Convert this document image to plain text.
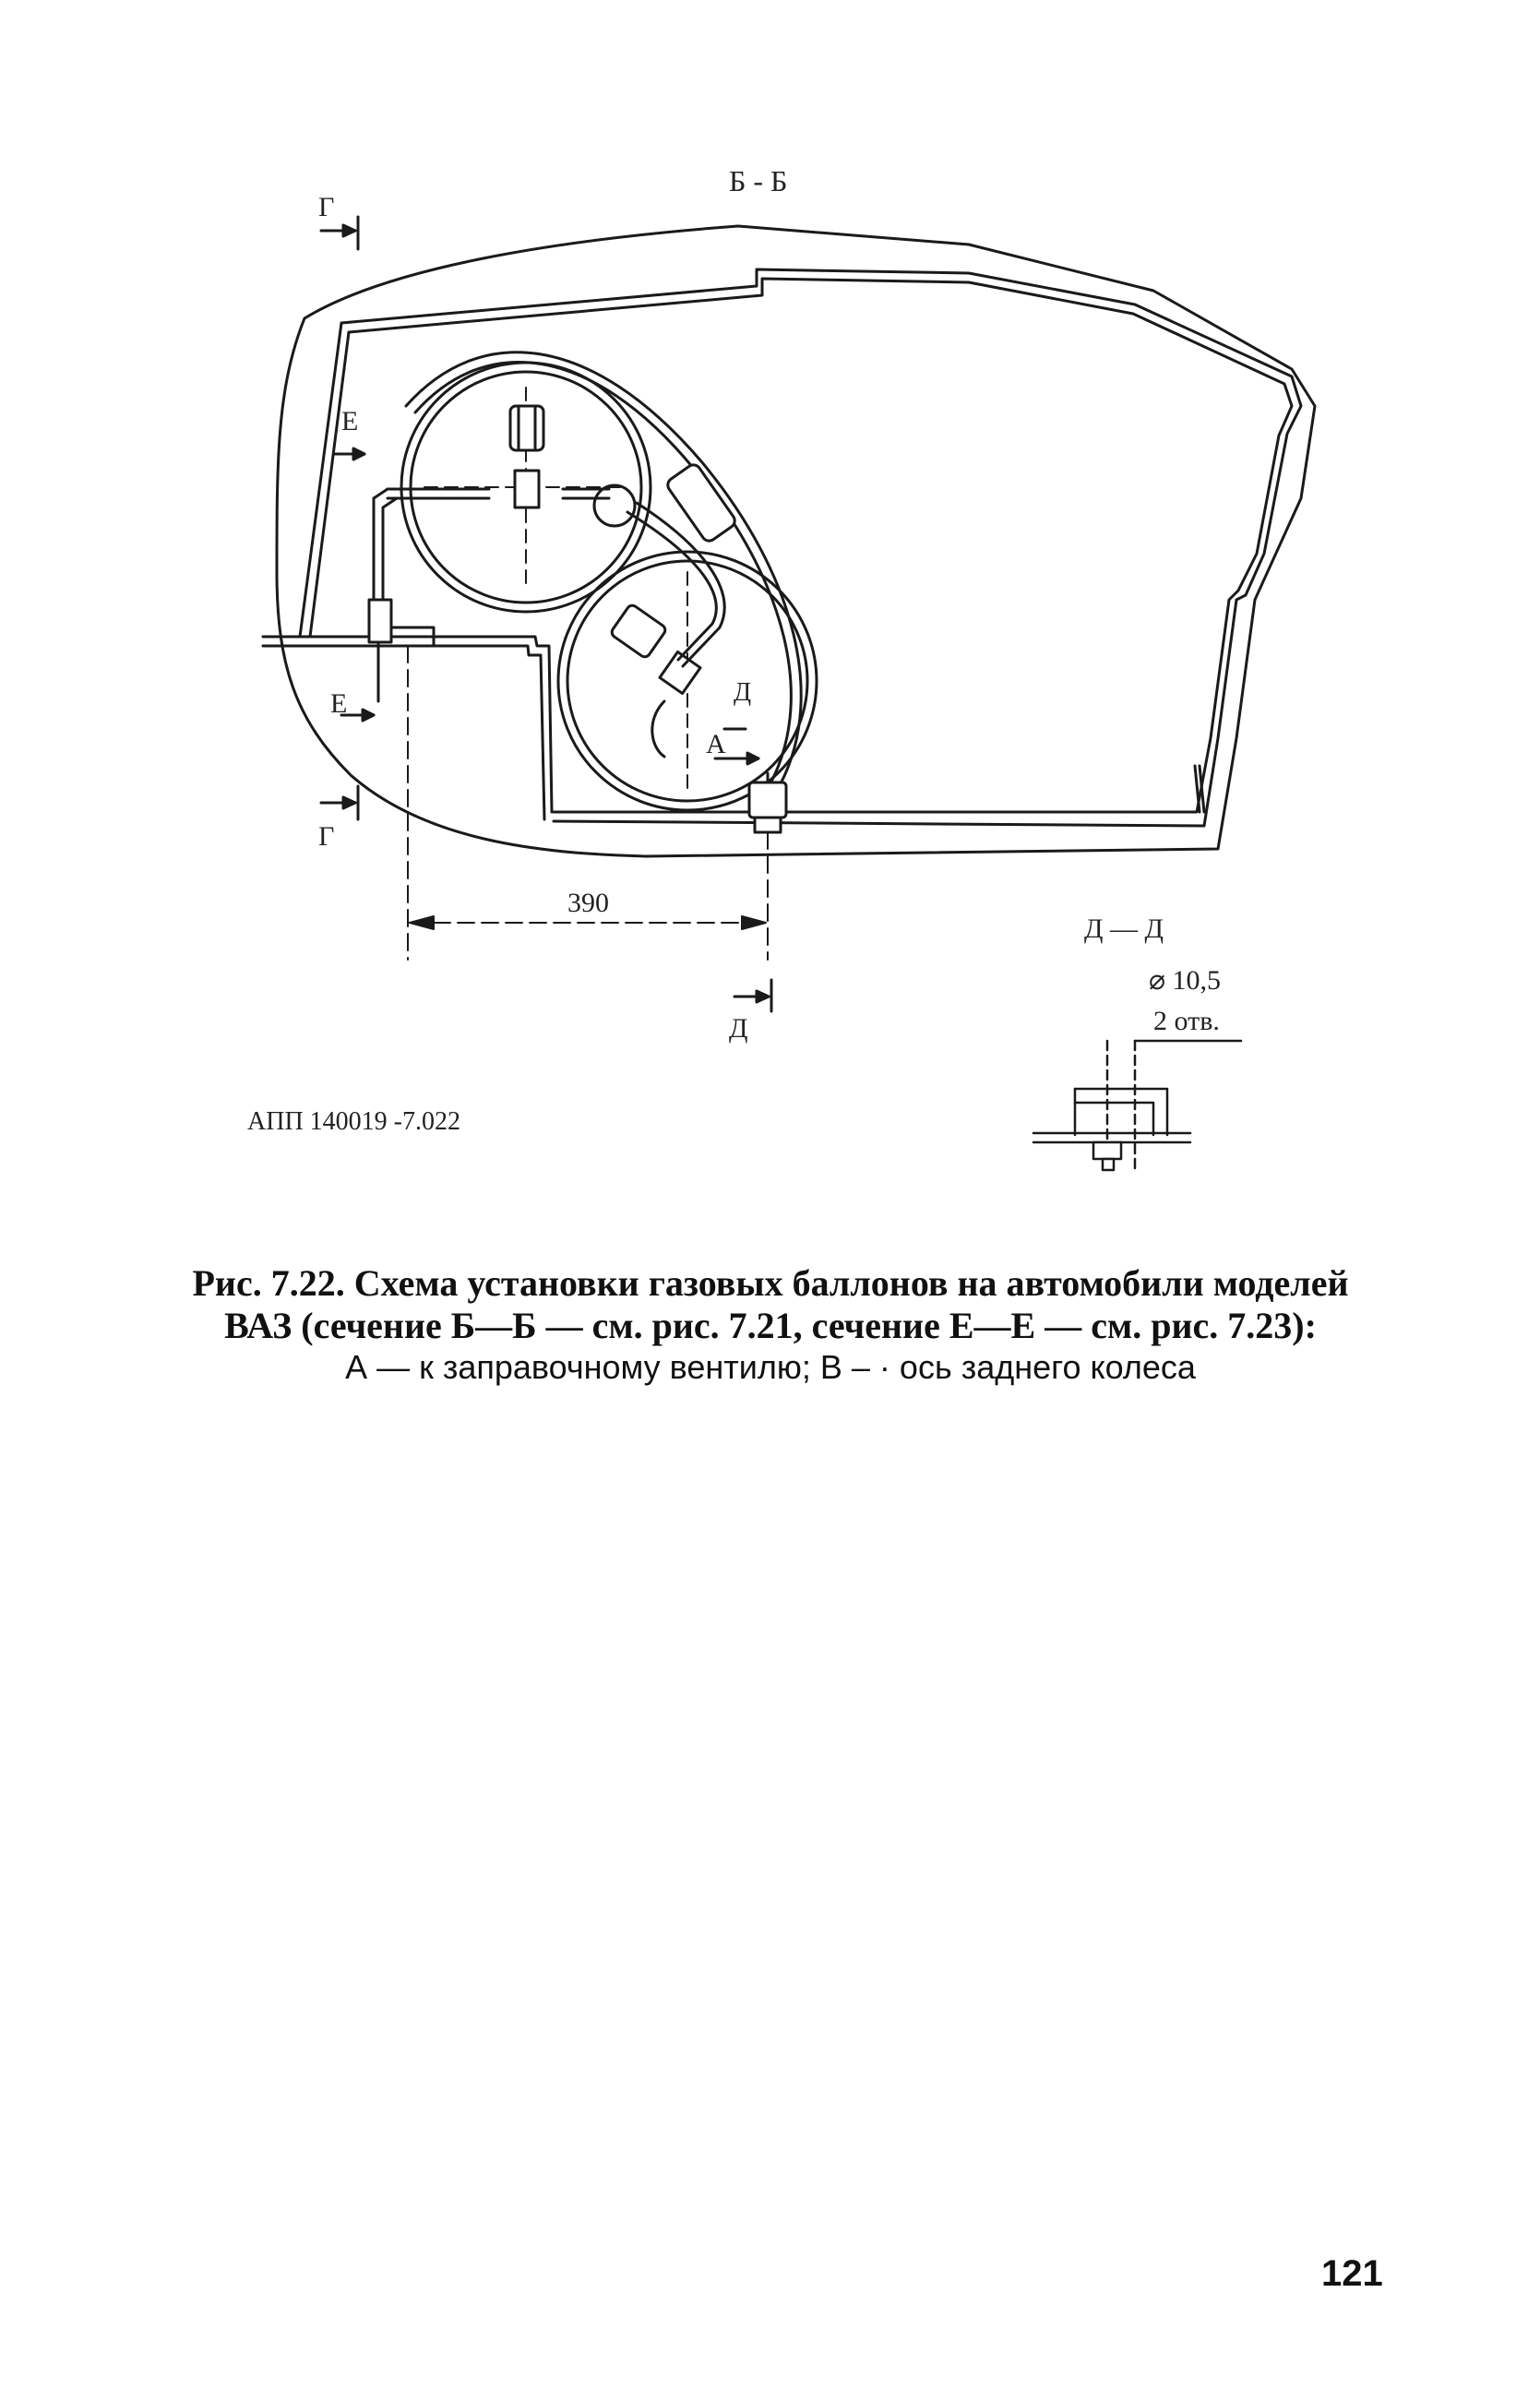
Б - Б
Г
Г
Е
Е	Д
А
390
Д
Д — Д
⌀ 10,5
2 отв.
АПП 140019 -7.022
Рис. 7.22. Схема установки газовых баллонов на автомобили моделей
ВАЗ (сечение Б—Б — см. рис. 7.21, сечение Е—Е — см. рис. 7.23):
А — к заправочному вентилю; В – · ось заднего колеса
121
